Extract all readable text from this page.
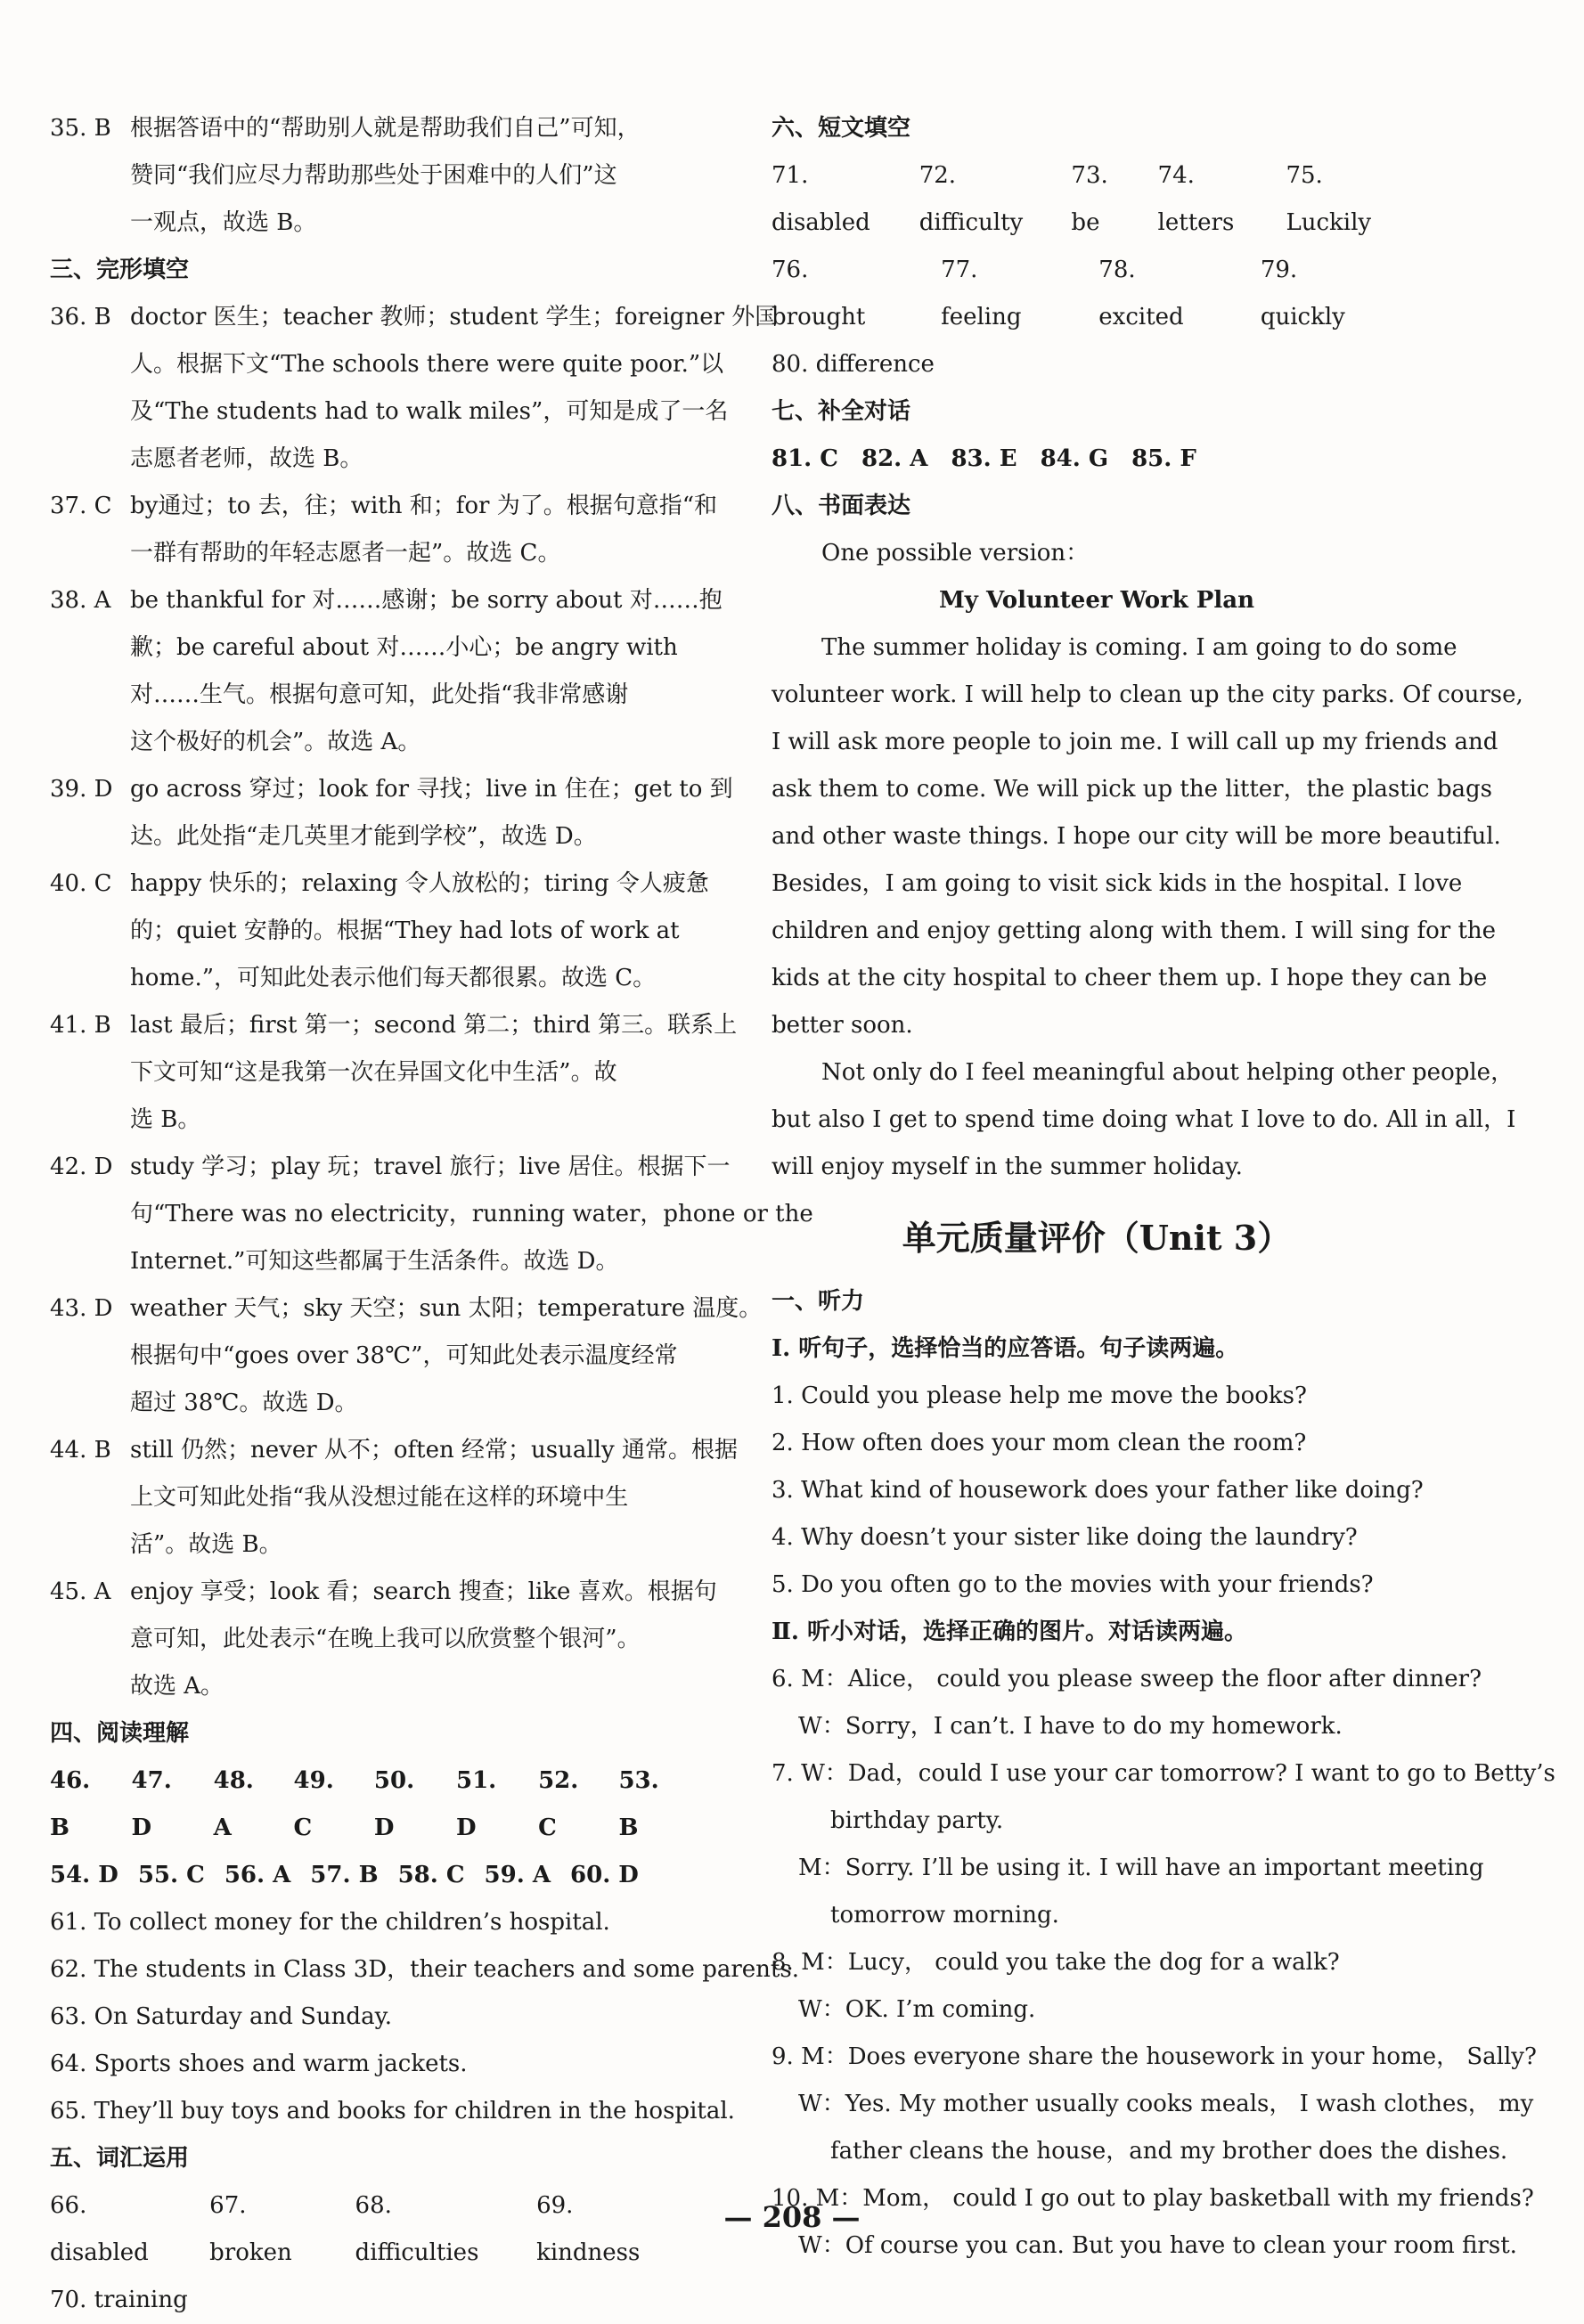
35. B 根据答语中的“帮助别人就是帮助我们自己”可知，
赞同“我们应尽力帮助那些处于困难中的人们”这
一观点，故选 B。
三、完形填空
36. B doctor 医生；teacher 教师；student 学生；foreigner 外国
人。根据下文“The schools there were quite poor.”以
及“The students had to walk miles”，可知是成了一名
志愿者老师，故选 B。
37. C by通过；to 去，往；with 和；for 为了。根据句意指“和
一群有帮助的年轻志愿者一起”。故选 C。
38. A be thankful for 对……感谢；be sorry about 对……抱
歉；be careful about 对……小心；be angry with
对……生气。根据句意可知，此处指“我非常感谢
这个极好的机会”。故选 A。
39. D go across 穿过；look for 寻找；live in 住在；get to 到
达。此处指“走几英里才能到学校”，故选 D。
40. C happy 快乐的；relaxing 令人放松的；tiring 令人疲惫
的；quiet 安静的。根据“They had lots of work at
home.”，可知此处表示他们每天都很累。故选 C。
41. B last 最后；first 第一；second 第二；third 第三。联系上
下文可知“这是我第一次在异国文化中生活”。故
选 B。
42. D study 学习；play 玩；travel 旅行；live 居住。根据下一
句“There was no electricity，running water，phone or the
Internet.”可知这些都属于生活条件。故选 D。
43. D weather 天气；sky 天空；sun 太阳；temperature 温度。
根据句中“goes over 38℃”，可知此处表示温度经常
超过 38℃。故选 D。
44. B still 仍然；never 从不；often 经常；usually 通常。根据
上文可知此处指“我从没想过能在这样的环境中生
活”。故选 B。
45. A enjoy 享受；look 看；search 搜查；like 喜欢。根据句
意可知，此处表示“在晚上我可以欣赏整个银河”。
故选 A。
四、阅读理解
46. B
47. D
48. A
49. C
50. D
51. D
52. C
53. B
54. D 55. C 56. A 57. B 58. C 59. A 60. D
61. To collect money for the children’s hospital.
62. The students in Class 3D，their teachers and some parents.
63. On Saturday and Sunday.
64. Sports shoes and warm jackets.
65. They’ll buy toys and books for children in the hospital.
五、词汇运用
66. disabled
67. broken
68. difficulties
69. kindness
70. training
六、短文填空
71. disabled
72. difficulty
73. be
74. letters
75. Luckily
76. brought
77. feeling
78. excited
79. quickly
80. difference
七、补全对话
81. C 82. A 83. E 84. G 85. F
八、书面表达
One possible version：
My Volunteer Work Plan
The summer holiday is coming. I am going to do some
volunteer work. I will help to clean up the city parks. Of course,
I will ask more people to join me. I will call up my friends and
ask them to come. We will pick up the litter，the plastic bags
and other waste things. I hope our city will be more beautiful.
Besides，I am going to visit sick kids in the hospital. I love
children and enjoy getting along with them. I will sing for the
kids at the city hospital to cheer them up. I hope they can be
better soon.
Not only do I feel meaningful about helping other people，
but also I get to spend time doing what I love to do. All in all，I
will enjoy myself in the summer holiday.
单元质量评价（Unit 3）
一、听力
Ⅰ. 听句子，选择恰当的应答语。句子读两遍。
1. Could you please help me move the books?
2. How often does your mom clean the room?
3. What kind of housework does your father like doing?
4. Why doesn’t your sister like doing the laundry?
5. Do you often go to the movies with your friends?
Ⅱ. 听小对话，选择正确的图片。对话读两遍。
6. M：Alice， could you please sweep the floor after dinner?
W：Sorry，I can’t. I have to do my homework.
7. W：Dad，could I use your car tomorrow? I want to go to Betty’s
birthday party.
M：Sorry. I’ll be using it. I will have an important meeting
tomorrow morning.
8. M：Lucy， could you take the dog for a walk?
W：OK. I’m coming.
9. M：Does everyone share the housework in your home， Sally?
W：Yes. My mother usually cooks meals， I wash clothes， my
father cleans the house，and my brother does the dishes.
10. M：Mom， could I go out to play basketball with my friends?
W：Of course you can. But you have to clean your room first.
— 208 —
